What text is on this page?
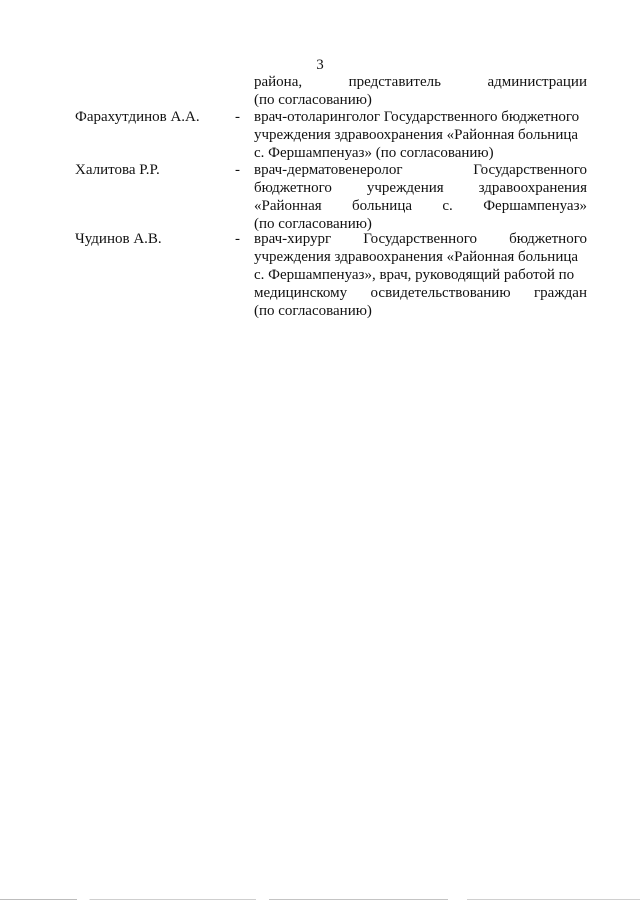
3
района, представитель администрации
(по согласованию)
Фарахутдинов А.А. - врач-отоларинголог Государственного бюджетного
учреждения здравоохранения «Районная больница
с. Фершампенуаз» (по согласованию)
Халитова Р.Р.	- врач-дерматовенеролог Государственного
бюджетного учреждения здравоохранения
«Районная больница с. Фершампенуаз»
(по согласованию)
Чудинов А.В.	- врач-хирург Государственного бюджетного
учреждения здравоохранения «Районная больница
с. Фершампенуаз», врач, руководящий работой по
медицинскому освидетельствованию граждан
(по согласованию)
